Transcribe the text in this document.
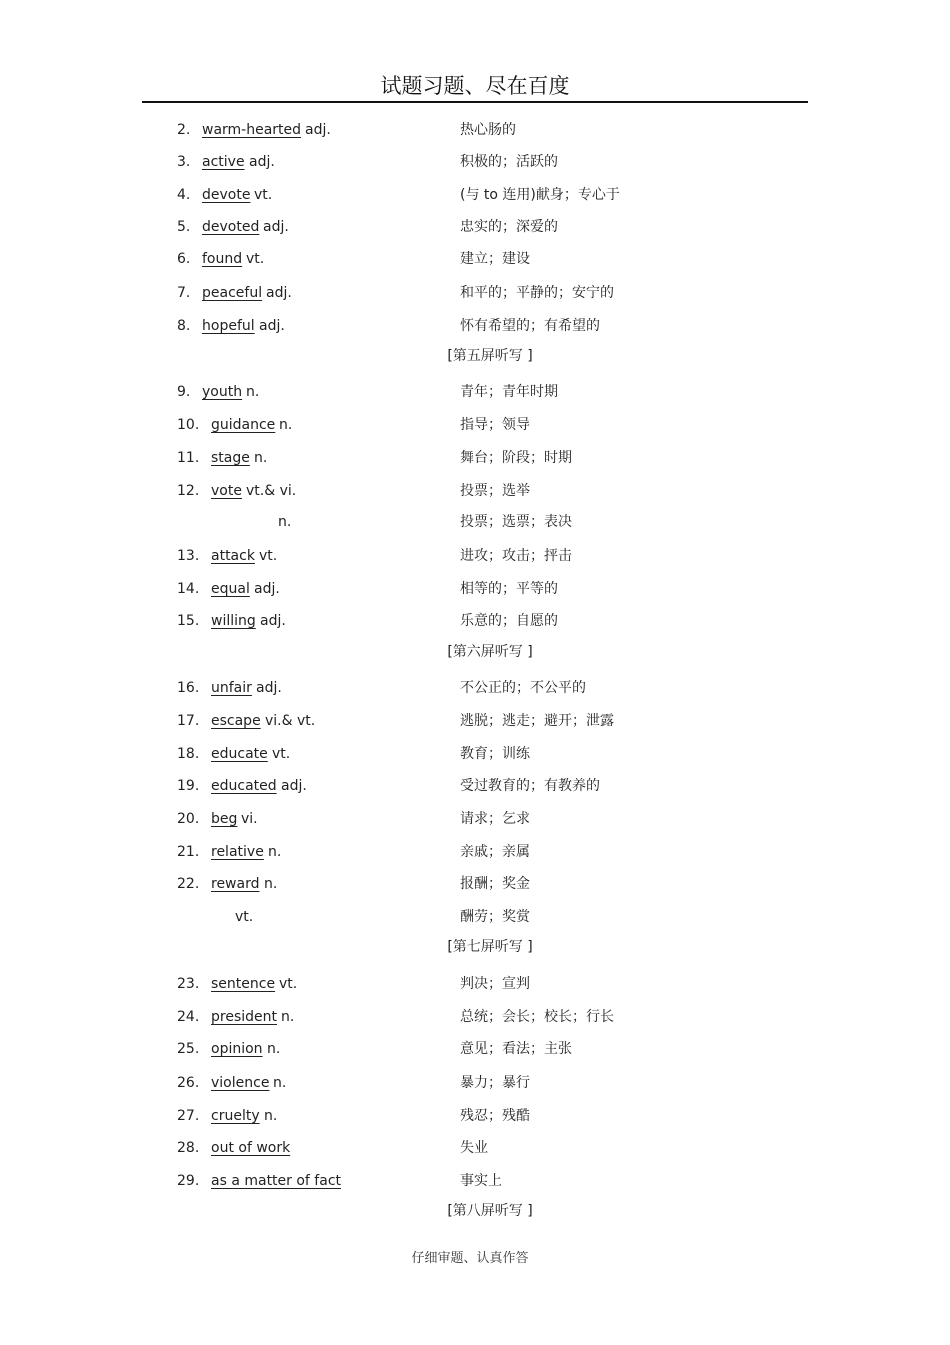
试题习题、尽在百度
2. warm-hearted adj.	热心肠的
3. active adj.	积极的；活跃的
4. devote vt.	(与 to 连用)献身；专心于
5. devoted adj.	忠实的；深爱的
6. found vt.	建立；建设
7. peaceful adj.	和平的；平静的；安宁的
8. hopeful adj.	怀有希望的；有希望的
[第五屏听写 ]
9. youth n.	青年；青年时期
10. guidance n.	指导；领导
11. stage n.	舞台；阶段；时期
12. vote vt.& vi.	投票；选举
n.	投票；选票；表决
13. attack vt.	进攻；攻击；抨击
14. equal adj.	相等的；平等的
15. willing adj.	乐意的；自愿的
[第六屏听写 ]
16. unfair adj.	不公正的；不公平的
17. escape vi.& vt.	逃脱；逃走；避开；泄露
18. educate vt.	教育；训练
19. educated adj.	受过教育的；有教养的
20. beg vi.	请求；乞求
21. relative n.	亲戚；亲属
22. reward n.	报酬；奖金
vt.	酬劳；奖赏
[第七屏听写 ]
23. sentence vt.	判决；宣判
24. president n.	总统；会长；校长；行长
25. opinion n.	意见；看法；主张
26. violence n.	暴力；暴行
27. cruelty n.	残忍；残酷
28. out of work	失业
29. as a matter of fact	事实上
[第八屏听写 ]
仔细审题、认真作答
